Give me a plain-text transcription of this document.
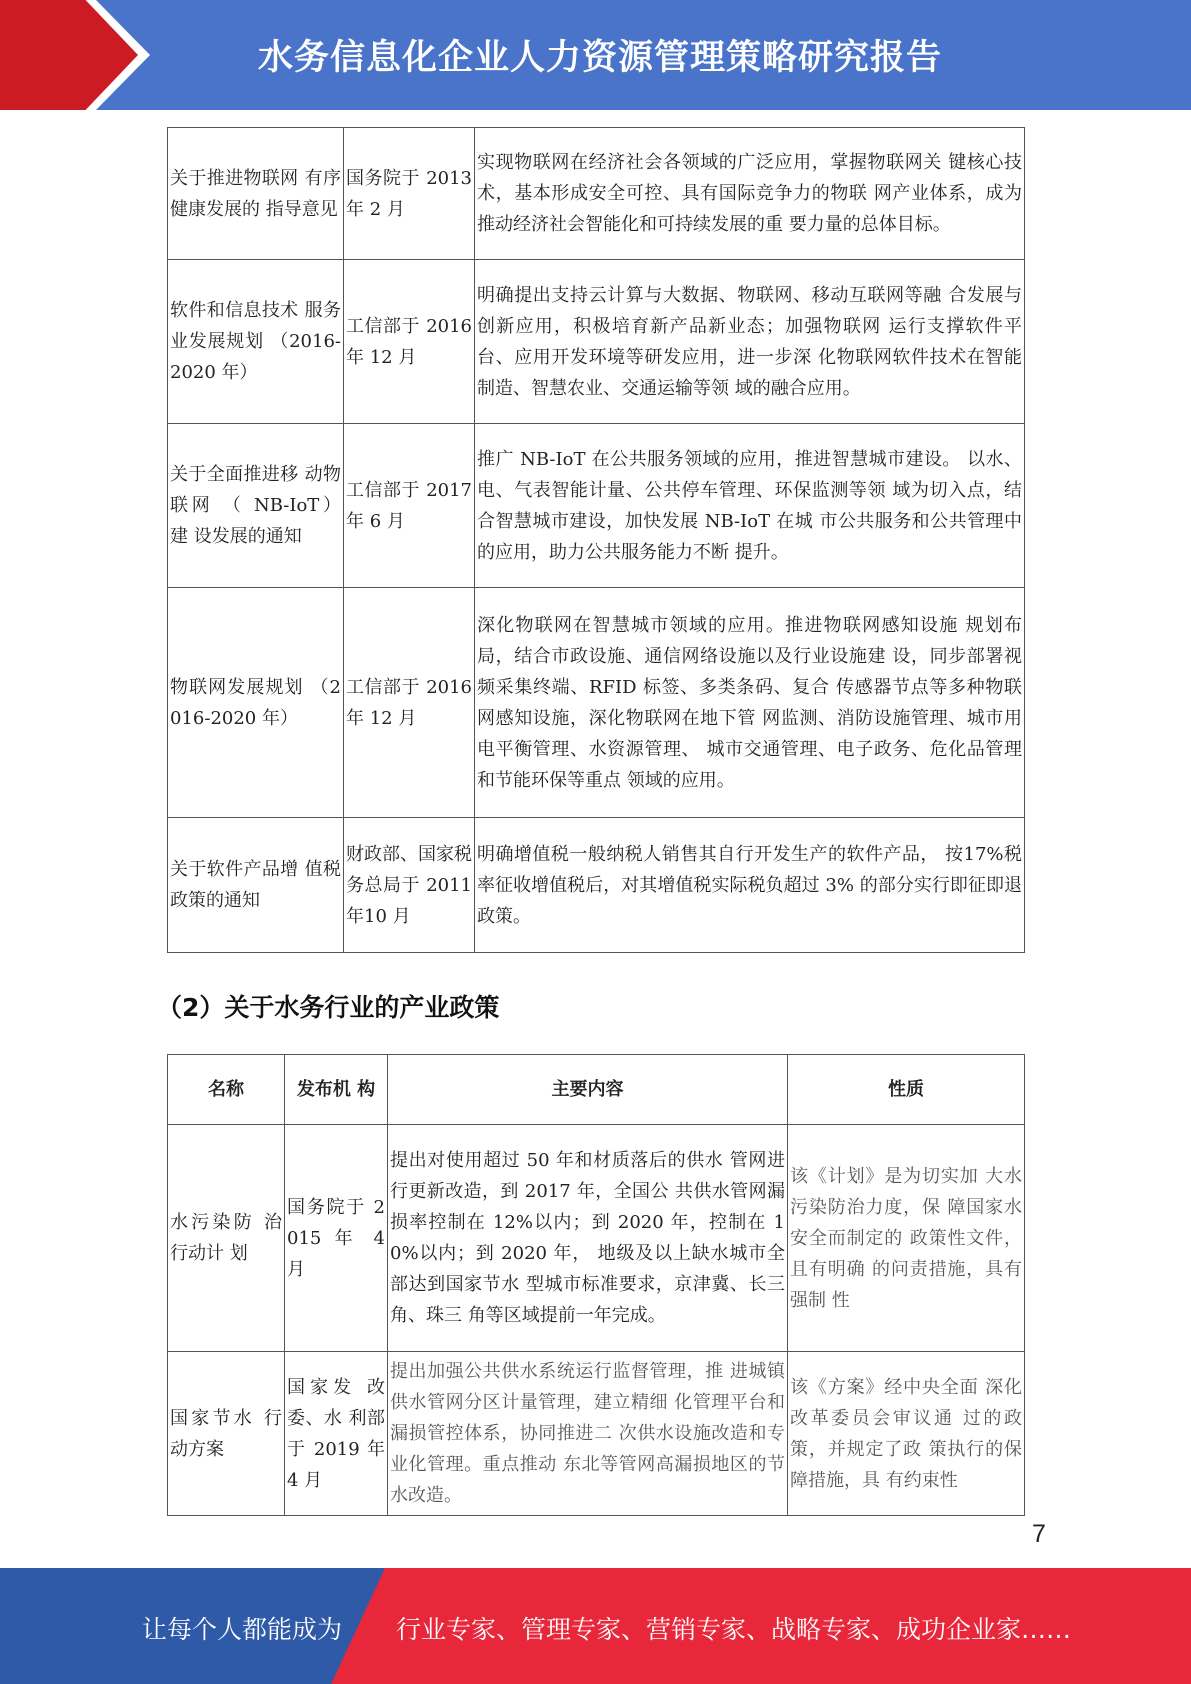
水务信息化企业人力资源管理策略研究报告
关于推进物联网 有序健康发展的 指导意见	国务院于 2013 年 2 月	实现物联网在经济社会各领域的广泛应用，掌握物联网关 键核心技术，基本形成安全可控、具有国际竞争力的物联 网产业体系，成为推动经济社会智能化和可持续发展的重 要力量的总体目标。
软件和信息技术 服务业发展规划 （2016-2020 年）	工信部于 2016 年 12 月	明确提出支持云计算与大数据、物联网、移动互联网等融 合发展与创新应用，积极培育新产品新业态；加强物联网 运行支撑软件平台、应用开发环境等研发应用，进一步深 化物联网软件技术在智能制造、智慧农业、交通运输等领 域的融合应用。
关于全面推进移 动物联网 （ NB-IoT） 建 设发展的通知	工信部于 2017 年 6 月	推广 NB-IoT 在公共服务领域的应用，推进智慧城市建设。 以水、电、气表智能计量、公共停车管理、环保监测等领 域为切入点，结合智慧城市建设，加快发展 NB-IoT 在城 市公共服务和公共管理中的应用，助力公共服务能力不断 提升。
物联网发展规划 （2016-2020 年）	工信部于 2016 年 12 月	深化物联网在智慧城市领域的应用。推进物联网感知设施 规划布局，结合市政设施、通信网络设施以及行业设施建 设，同步部署视频采集终端、RFID 标签、多类条码、复合 传感器节点等多种物联网感知设施，深化物联网在地下管 网监测、消防设施管理、城市用电平衡管理、水资源管理、 城市交通管理、电子政务、危化品管理和节能环保等重点 领域的应用。
关于软件产品增 值税政策的通知	财政部、国家税务总局于 2011 年10 月	明确增值税一般纳税人销售其自行开发生产的软件产品， 按17%税率征收增值税后，对其增值税实际税负超过 3% 的部分实行即征即退政策。
（2）关于水务行业的产业政策
名称	发布机 构	主要内容	性质
水污染防 治行动计 划	国务院于 2015 年 4 月	提出对使用超过 50 年和材质落后的供水 管网进行更新改造，到 2017 年，全国公 共供水管网漏损率控制在 12%以内；到 2020 年，控制在 10%以内；到 2020 年， 地级及以上缺水城市全部达到国家节水 型城市标准要求，京津冀、长三角、珠三 角等区域提前一年完成。	该《计划》是为切实加 大水污染防治力度，保 障国家水安全而制定的 政策性文件，且有明确 的问责措施，具有强制 性
国家节水 行动方案	国家发 改委、水 利部于 2019 年 4 月	提出加强公共供水系统运行监督管理，推 进城镇供水管网分区计量管理，建立精细 化管理平台和漏损管控体系，协同推进二 次供水设施改造和专业化管理。重点推动 东北等管网高漏损地区的节水改造。	该《方案》经中央全面 深化改革委员会审议通 过的政策，并规定了政 策执行的保障措施，具 有约束性
7
让每个人都能成为 行业专家、管理专家、营销专家、战略专家、成功企业家……
